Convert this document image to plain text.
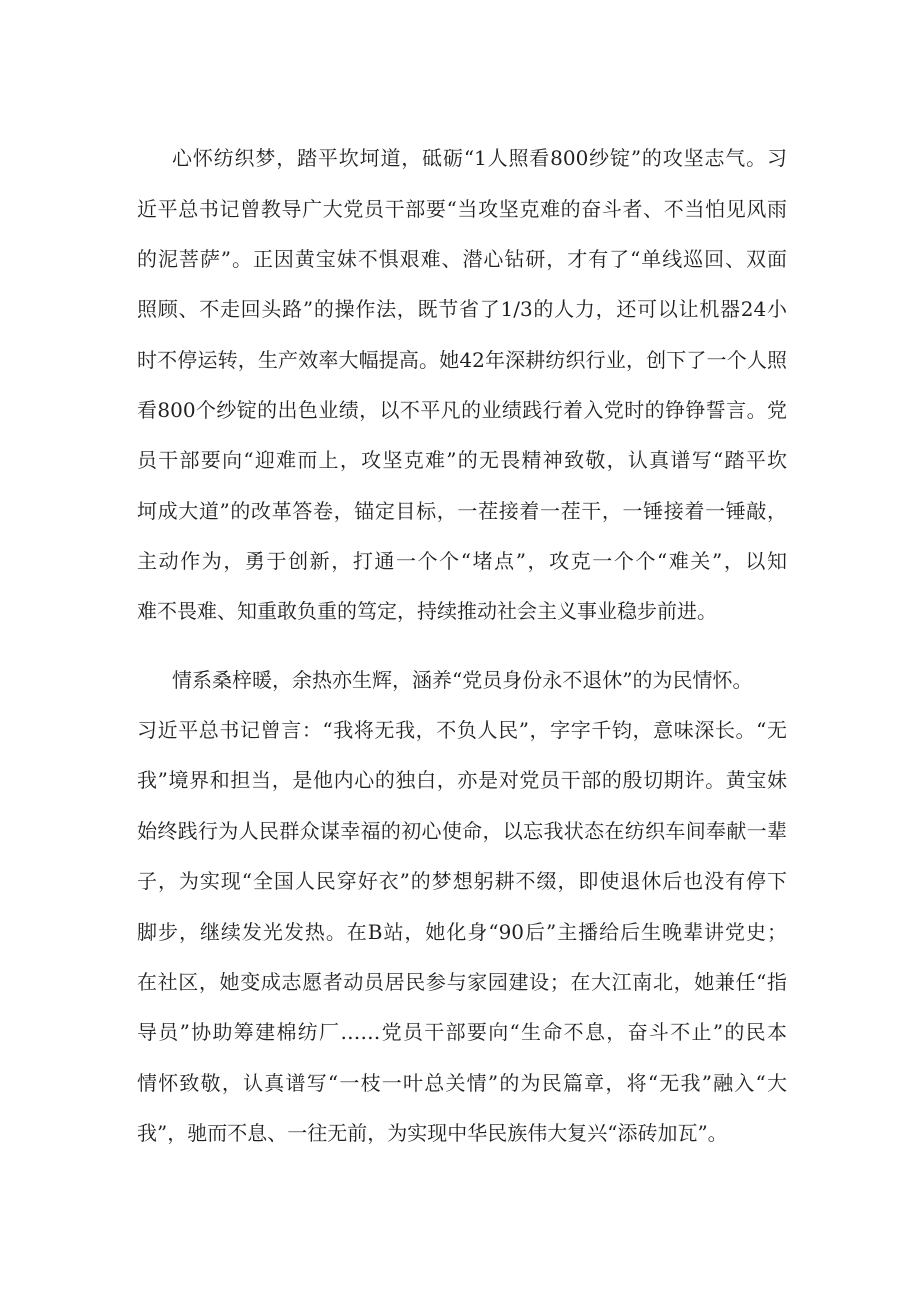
心怀纺织梦，踏平坎坷道，砥砺“1人照看800纱锭”的攻坚志气。习
近平总书记曾教导广大党员干部要“当攻坚克难的奋斗者、不当怕见风雨
的泥菩萨”。正因黄宝妹不惧艰难、潜心钻研，才有了“单线巡回、双面
照顾、不走回头路”的操作法，既节省了1/3的人力，还可以让机器24小
时不停运转，生产效率大幅提高。她42年深耕纺织行业，创下了一个人照
看800个纱锭的出色业绩，以不平凡的业绩践行着入党时的铮铮誓言。党
员干部要向“迎难而上，攻坚克难”的无畏精神致敬，认真谱写“踏平坎
坷成大道”的改革答卷，锚定目标，一茬接着一茬干，一锤接着一锤敲，
主动作为，勇于创新，打通一个个“堵点”，攻克一个个“难关”，以知
难不畏难、知重敢负重的笃定，持续推动社会主义事业稳步前进。
情系桑梓暖，余热亦生辉，涵养“党员身份永不退休”的为民情怀。
习近平总书记曾言：“我将无我，不负人民”，字字千钧，意味深长。“无
我”境界和担当，是他内心的独白，亦是对党员干部的殷切期许。黄宝妹
始终践行为人民群众谋幸福的初心使命，以忘我状态在纺织车间奉献一辈
子，为实现“全国人民穿好衣”的梦想躬耕不缀，即使退休后也没有停下
脚步，继续发光发热。在B站，她化身“90后”主播给后生晚辈讲党史；
在社区，她变成志愿者动员居民参与家园建设；在大江南北，她兼任“指
导员”协助筹建棉纺厂……党员干部要向“生命不息，奋斗不止”的民本
情怀致敬，认真谱写“一枝一叶总关情”的为民篇章，将“无我”融入“大
我”，驰而不息、一往无前，为实现中华民族伟大复兴“添砖加瓦”。
